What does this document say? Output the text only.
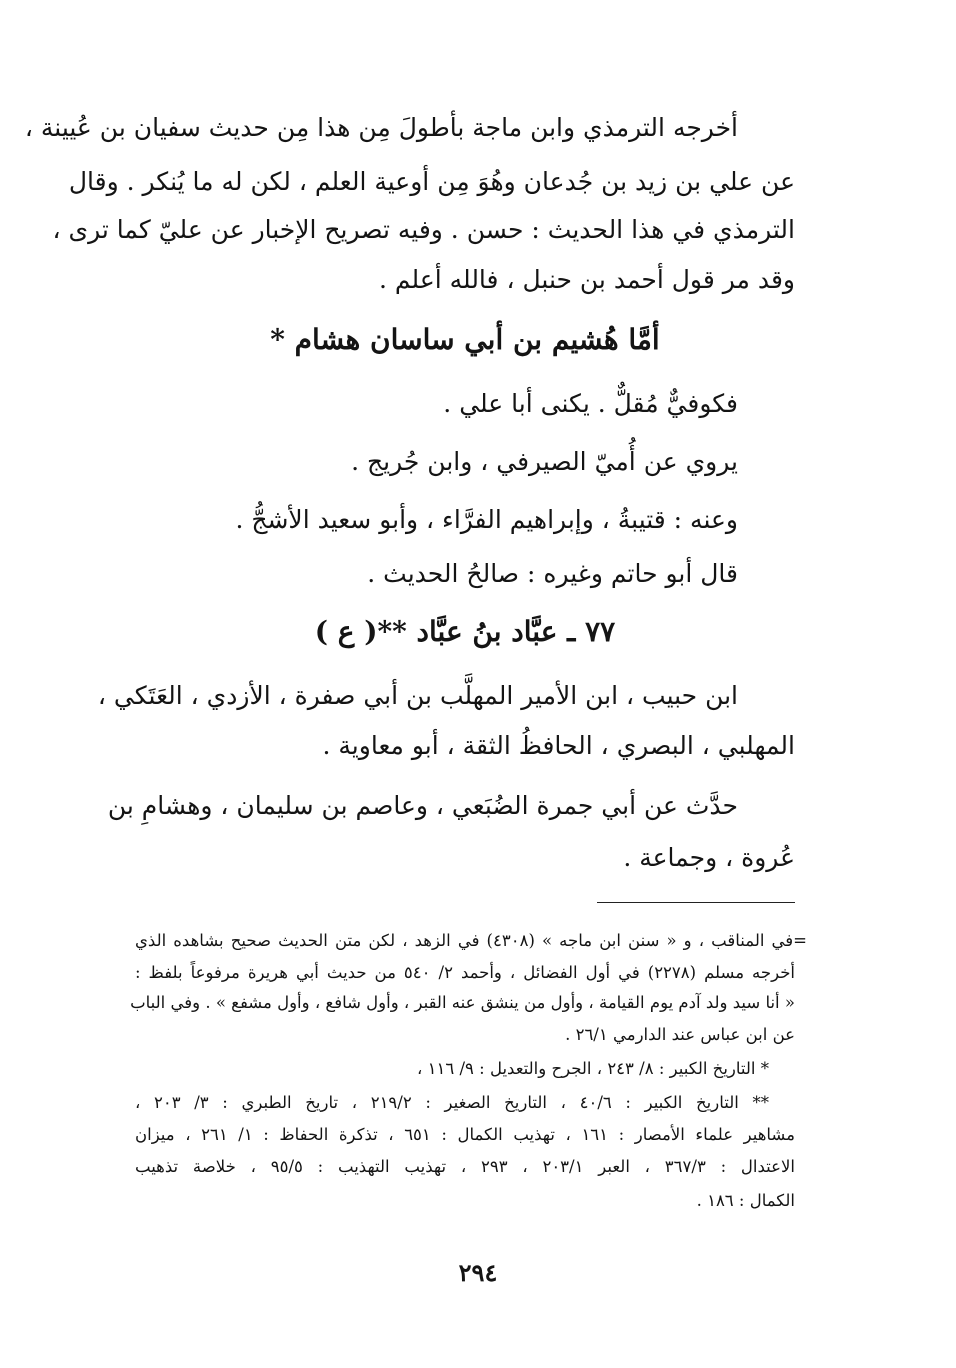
أخرجه الترمذي وابن ماجة بأطولَ مِن هذا مِن حديث سفيان بن عُيينة ،
عن علي بن زيد بن جُدعان وهُوَ مِن أوعية العلم ، لكن له ما يُنكر . وقال
الترمذي في هذا الحديث : حسن . وفيه تصريح الإخبار عن عليّ كما ترى ،
وقد مر قول أحمد بن حنبل ، فالله أعلم .
أمَّا هُشيم بن أبي ساسان هشام *
فكوفيٌّ مُقلٌّ . يكنى أبا علي .
يروي عن أُميّ الصيرفي ، وابن جُريج .
وعنه : قتيبةُ ، وإبراهيم الفرَّاء ، وأبو سعيد الأشجُّ .
قال أبو حاتم وغيره : صالحُ الحديث .
٧٧ ـ عبَّاد بنُ عبَّاد **( ع )
ابن حبيب ، ابن الأمير المهلَّب بن أبي صفرة ، الأزدي ، العَتَكي ،
المهلبي ، البصري ، الحافظُ الثقة ، أبو معاوية .
حدَّث عن أبي جمرة الضُبَعي ، وعاصم بن سليمان ، وهشامِ بن
عُروة ، وجماعة .
=في المناقب ، و « سنن ابن ماجه » (٤٣٠٨) في الزهد ، لكن متن الحديث صحيح بشاهده الذي
أخرجه مسلم (٢٢٧٨) في أول الفضائل ، وأحمد ٢/ ٥٤٠ من حديث أبي هريرة مرفوعاً بلفظ :
« أنا سيد ولد آدم يوم القيامة ، وأول من ينشق عنه القبر ، وأول شافع ، وأول مشفع » . وفي الباب
عن ابن عباس عند الدارمي ٢٦/١ .
* التاريخ الكبير : ٨/ ٢٤٣ ، الجرح والتعديل : ٩/ ١١٦ ،
** التاريخ الكبير : ٤٠/٦ ، التاريخ الصغير : ٢١٩/٢ ، تاريخ الطبري : ٣/ ٢٠٣ ،
مشاهير علماء الأمصار : ١٦١ ، تهذيب الكمال : ٦٥١ ، تذكرة الحفاظ : ١/ ٢٦١ ، ميزان
الاعتدال : ٣٦٧/٣ ، العبر ٢٠٣/١ ، ٢٩٣ ، تهذيب التهذيب : ٩٥/٥ ، خلاصة تذهيب
الكمال : ١٨٦ .
٢٩٤
